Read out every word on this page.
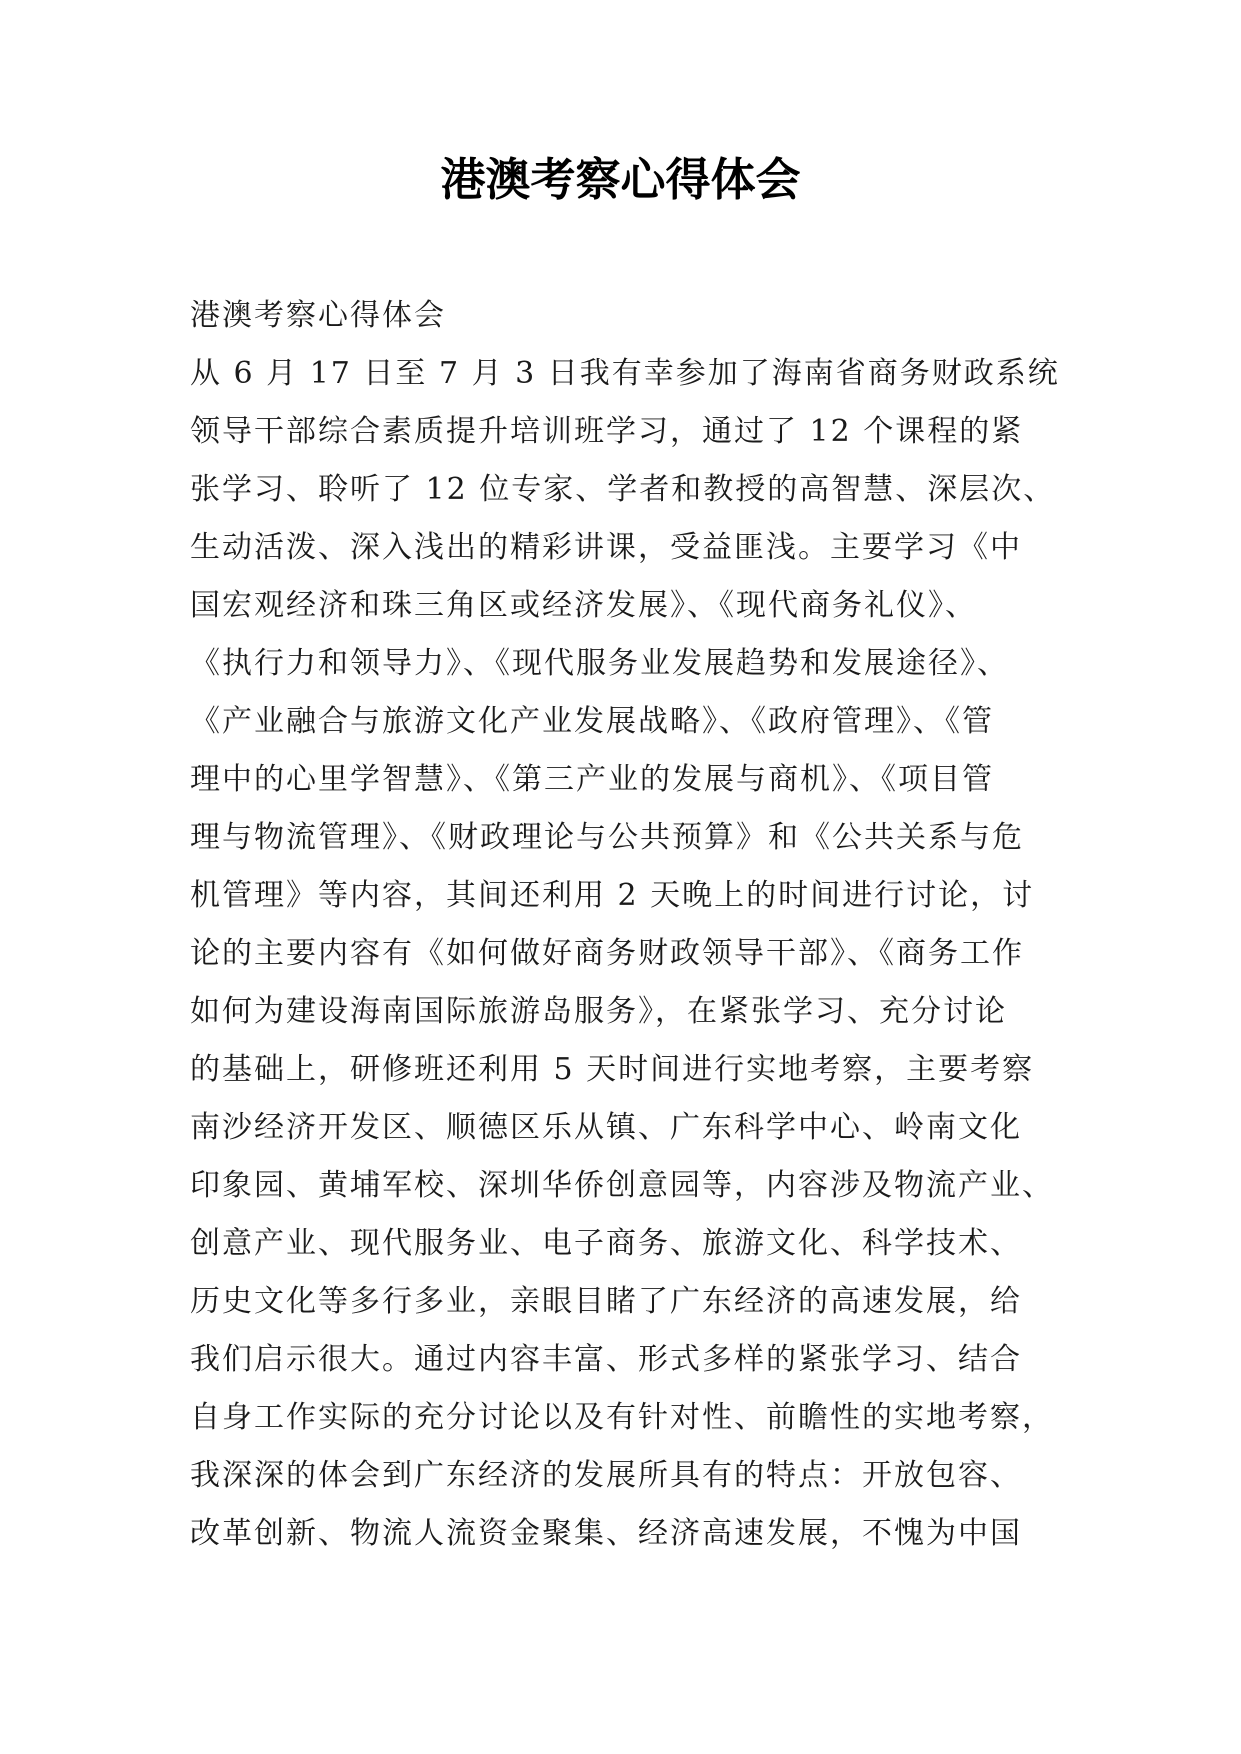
港澳考察心得体会
港澳考察心得体会
从 6 月 17 日至 7 月 3 日我有幸参加了海南省商务财政系统
领导干部综合素质提升培训班学习，通过了 12 个课程的紧
张学习、聆听了 12 位专家、学者和教授的高智慧、深层次、
生动活泼、深入浅出的精彩讲课，受益匪浅。主要学习《中
国宏观经济和珠三角区或经济发展》、《现代商务礼仪》、
《执行力和领导力》、《现代服务业发展趋势和发展途径》、
《产业融合与旅游文化产业发展战略》、《政府管理》、《管
理中的心里学智慧》、《第三产业的发展与商机》、《项目管
理与物流管理》、《财政理论与公共预算》和《公共关系与危
机管理》等内容，其间还利用 2 天晚上的时间进行讨论，讨
论的主要内容有《如何做好商务财政领导干部》、《商务工作
如何为建设海南国际旅游岛服务》，在紧张学习、充分讨论
的基础上，研修班还利用 5 天时间进行实地考察，主要考察
南沙经济开发区、顺德区乐从镇、广东科学中心、岭南文化
印象园、黄埔军校、深圳华侨创意园等，内容涉及物流产业、
创意产业、现代服务业、电子商务、旅游文化、科学技术、
历史文化等多行多业，亲眼目睹了广东经济的高速发展，给
我们启示很大。通过内容丰富、形式多样的紧张学习、结合
自身工作实际的充分讨论以及有针对性、前瞻性的实地考察，
我深深的体会到广东经济的发展所具有的特点：开放包容、
改革创新、物流人流资金聚集、经济高速发展，不愧为中国
